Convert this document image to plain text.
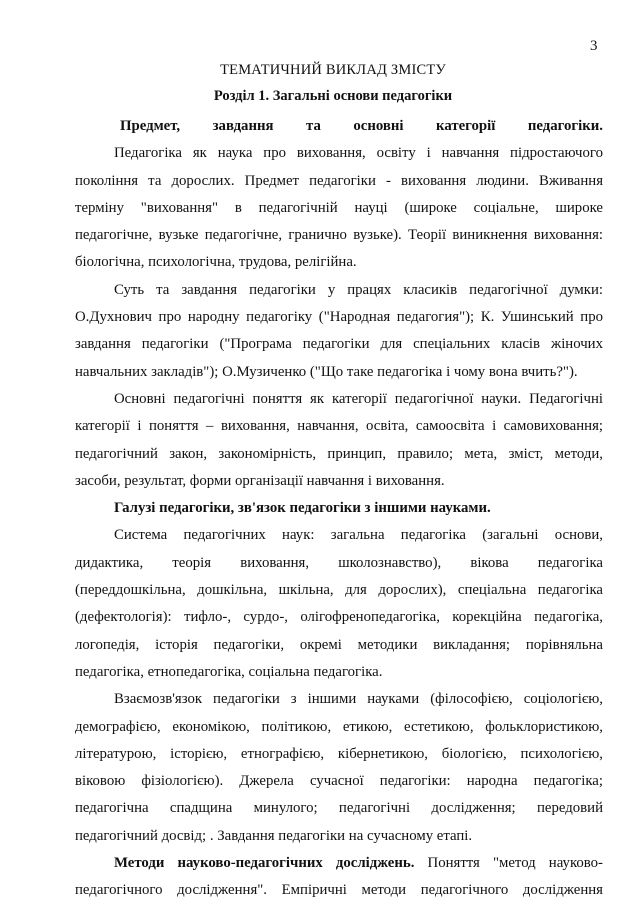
3
ТЕМАТИЧНИЙ ВИКЛАД ЗМІСТУ
Розділ 1. Загальні основи педагогіки
Предмет, завдання та основні категорії педагогіки.
Педагогіка як наука про виховання, освіту і навчання підростаючого
покоління та дорослих. Предмет педагогіки - виховання людини. Вживання
терміну "виховання" в педагогічній науці (широке соціальне, широке
педагогічне, вузьке педагогічне, гранично вузьке). Теорії виникнення виховання:
біологічна, психологічна, трудова, релігійна.
Суть та завдання педагогіки у працях класиків педагогічної думки:
О.Духнович про народну педагогіку ("Народная педагогия"); К. Ушинський про
завдання педагогіки ("Програма педагогіки для спеціальних класів жіночих
навчальних закладів"); О.Музиченко ("Що таке педагогіка і чому вона вчить?").
Основні педагогічні поняття як категорії педагогічної науки. Педагогічні
категорії і поняття – виховання, навчання, освіта, самоосвіта і самовиховання;
педагогічний закон, закономірність, принцип, правило; мета, зміст, методи,
засоби, результат, форми організації навчання і виховання.
Галузі педагогіки, зв'язок педагогіки з іншими науками.
Система педагогічних наук: загальна педагогіка (загальні основи,
дидактика, теорія виховання, школознавство), вікова педагогіка
(переддошкільна, дошкільна, шкільна, для дорослих), спеціальна педагогіка
(дефектологія): тифло-, сурдо-, олігофренопедагогіка, корекційна педагогіка,
логопедія, історія педагогіки, окремі методики викладання; порівняльна
педагогіка, етнопедагогіка, соціальна педагогіка.
Взаємозв'язок педагогіки з іншими науками (філософією, соціологією,
демографією, економікою, політикою, етикою, естетикою, фольклористикою,
літературою, історією, етнографією, кібернетикою, біологією, психологією,
віковою фізіологією). Джерела сучасної педагогіки: народна педагогіка;
педагогічна спадщина минулого; педагогічні дослідження; передовий
педагогічний досвід; . Завдання педагогіки на сучасному етапі.
Методи науково-педагогічних досліджень. Поняття "метод науково-
педагогічного дослідження". Емпіричні методи педагогічного дослідження
